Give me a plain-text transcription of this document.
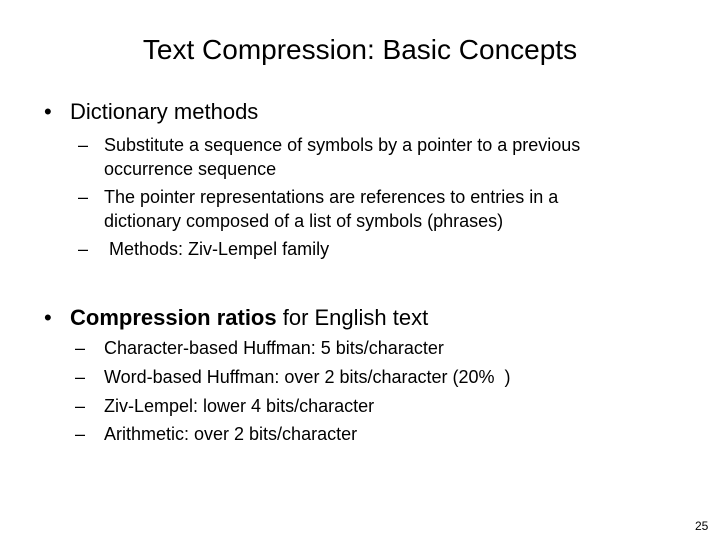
Text Compression: Basic Concepts
• Dictionary methods
– Substitute a sequence of symbols by a pointer to a previous
occurrence sequence
– The pointer representations are references to entries in a
dictionary composed of a list of symbols (phrases)
– Methods: Ziv-Lempel family
• Compression ratios for English text
– Character-based Huffman: 5 bits/character
– Word-based Huffman: over 2 bits/character (20%  )
– Ziv-Lempel: lower 4 bits/character
– Arithmetic: over 2 bits/character
25
